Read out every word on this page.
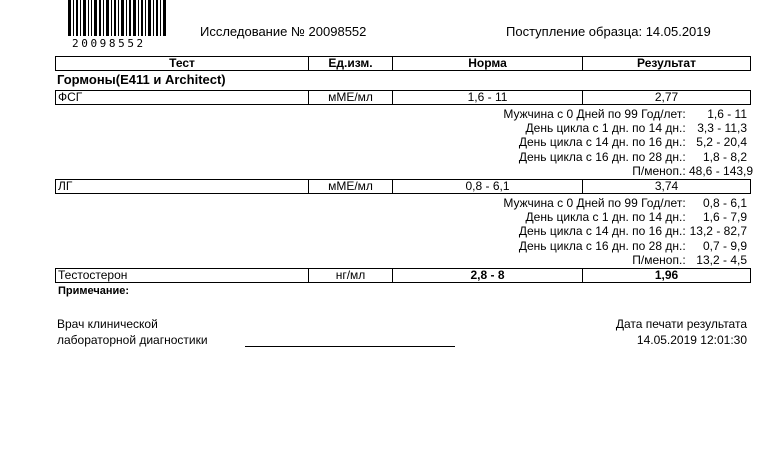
20098552
Исследование № 20098552	Поступление образца: 14.05.2019
Тест	Ед.изм.	Норма	Результат
Гормоны(E411 и Architect)
ФСГ	мМЕ/мл	1,6 - 11	2,77
Мужчина с 0 Дней по 99 Год/лет: 1,6 - 11
День цикла с 1 дн. по 14 дн.: 3,3 - 11,3
День цикла с 14 дн. по 16 дн.: 5,2 - 20,4
День цикла с 16 дн. по 28 дн.: 1,8 - 8,2
П/меноп.: 48,6 - 143,9
ЛГ	мМЕ/мл	0,8 - 6,1	3,74
Мужчина с 0 Дней по 99 Год/лет: 0,8 - 6,1
День цикла с 1 дн. по 14 дн.: 1,6 - 7,9
День цикла с 14 дн. по 16 дн.: 13,2 - 82,7
День цикла с 16 дн. по 28 дн.: 0,7 - 9,9
П/меноп.: 13,2 - 4,5
Тестостерон	нг/мл	2,8 - 8	1,96
Примечание:
Врач клинической
лабораторной диагностики
Дата печати результата
14.05.2019 12:01:30
